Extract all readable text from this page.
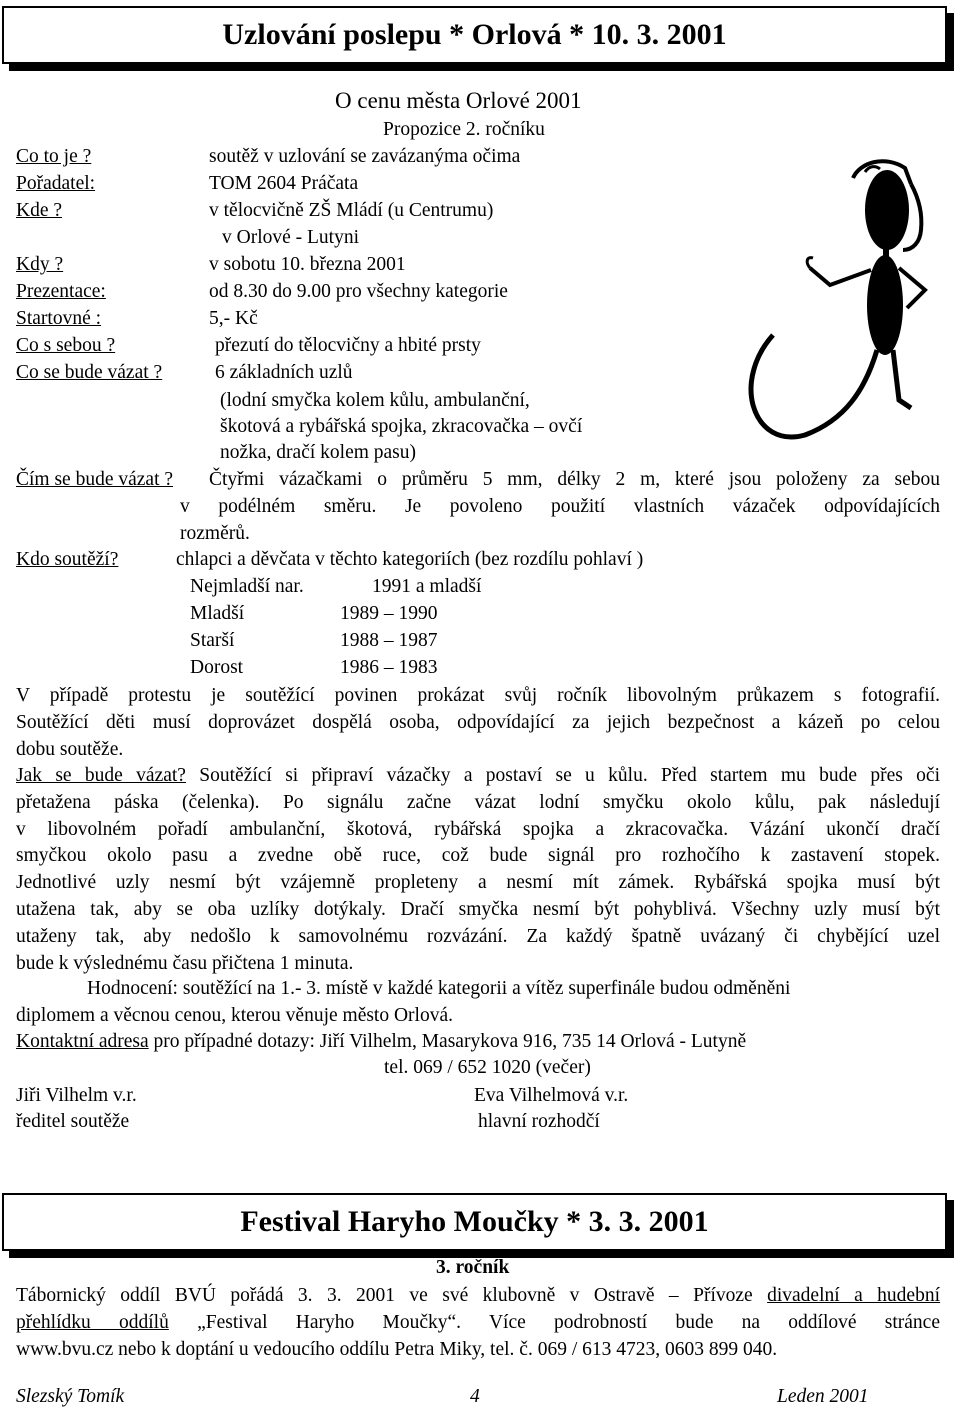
Uzlování poslepu * Orlová * 10. 3. 2001
O cenu města Orlové 2001
Propozice 2. ročníku
Co to je ?	soutěž v uzlování se zavázanýma očima
Pořadatel:	TOM 2604 Práčata
Kde ?	v tělocvičně ZŠ Mládí (u Centrumu)
v Orlové - Lutyni
Kdy ?	v sobotu 10. března 2001
Prezentace:	od 8.30 do 9.00 pro všechny kategorie
Startovné :	5,- Kč
Co s sebou ?	přezutí do tělocvičny a hbité prsty
Co se bude vázat ?	6 základních uzlů
(lodní smyčka kolem kůlu, ambulanční,
škotová a rybářská spojka, zkracovačka – ovčí
nožka, dračí kolem pasu)
Čím se bude vázat ? Čtyřmi vázačkami o průměru 5 mm, délky 2 m, které jsou položeny za sebou
v podélném směru. Je povoleno použití vlastních vázaček odpovídajících
rozměrů.
Kdo soutěží?	chlapci a děvčata v těchto kategoriích (bez rozdílu pohlaví )
Nejmladší nar.	1991 a mladší
Mladší	1989 – 1990
Starší	1988 – 1987
Dorost	1986 – 1983
V případě protestu je soutěžící povinen prokázat svůj ročník libovolným průkazem s fotografií.
Soutěžící děti musí doprovázet dospělá osoba, odpovídající za jejich bezpečnost a kázeň po celou
dobu soutěže.
Jak se bude vázat? Soutěžící si připraví vázačky a postaví se u kůlu. Před startem mu bude přes oči
přetažena páska (čelenka). Po signálu začne vázat lodní smyčku okolo kůlu, pak následují
v libovolném pořadí ambulanční, škotová, rybářská spojka a zkracovačka. Vázání ukončí dračí
smyčkou okolo pasu a zvedne obě ruce, což bude signál pro rozhočího k zastavení stopek.
Jednotlivé uzly nesmí být vzájemně propleteny a nesmí mít zámek. Rybářská spojka musí být
utažena tak, aby se oba uzlíky dotýkaly. Dračí smyčka nesmí být pohyblivá. Všechny uzly musí být
utaženy tak, aby nedošlo k samovolnému rozvázání. Za každý špatně uvázaný či chybějící uzel
bude k výslednému času přičtena 1 minuta.
Hodnocení: soutěžící na 1.- 3. místě v každé kategorii a vítěz superfinále budou odměněni
diplomem a věcnou cenou, kterou věnuje město Orlová.
Kontaktní adresa pro případné dotazy: Jiří Vilhelm, Masarykova 916, 735 14 Orlová - Lutyně
tel. 069 / 652 1020 (večer)
Jiři Vilhelm v.r.
ředitel soutěže
Eva Vilhelmová v.r.
hlavní rozhodčí
Festival Haryho Moučky * 3. 3. 2001
3. ročník
Tábornický oddíl BVÚ pořádá 3. 3. 2001 ve své klubovně v Ostravě – Přívoze divadelní a hudební
přehlídku oddílů „Festival Haryho Moučky“. Více podrobností bude na oddílové stránce
www.bvu.cz nebo k doptání u vedoucího oddílu Petra Miky, tel. č. 069 / 613 4723, 0603 899 040.
Slezský Tomík	4	Leden 2001
